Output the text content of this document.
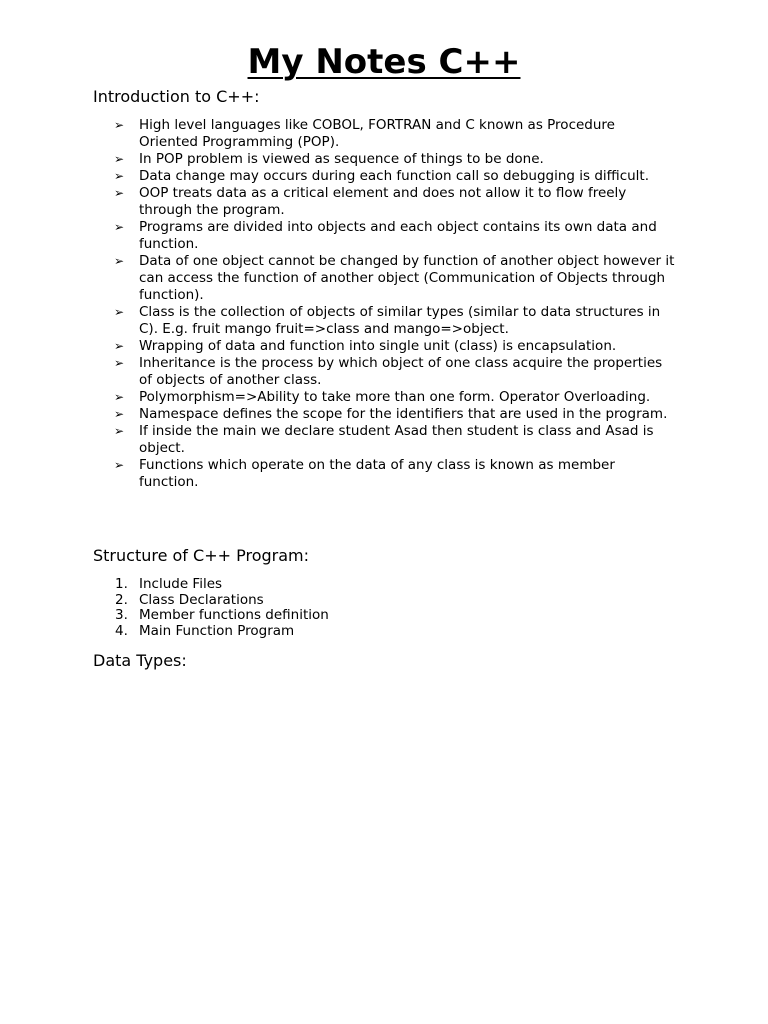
My Notes C++
Introduction to C++:
➢ High level languages like COBOL, FORTRAN and C known as Procedure Oriented Programming (POP).
➢ In POP problem is viewed as sequence of things to be done.
➢ Data change may occurs during each function call so debugging is difficult.
➢ OOP treats data as a critical element and does not allow it to flow freely through the program.
➢ Programs are divided into objects and each object contains its own data and function.
➢ Data of one object cannot be changed by function of another object however it can access the function of another object (Communication of Objects through function).
➢ Class is the collection of objects of similar types (similar to data structures in C). E.g. fruit mango fruit=>class and mango=>object.
➢ Wrapping of data and function into single unit (class) is encapsulation.
➢ Inheritance is the process by which object of one class acquire the properties of objects of another class.
➢ Polymorphism=>Ability to take more than one form. Operator Overloading.
➢ Namespace defines the scope for the identifiers that are used in the program.
➢ If inside the main we declare student Asad then student is class and Asad is object.
➢ Functions which operate on the data of any class is known as member function.
Structure of C++ Program:
1. Include Files
2. Class Declarations
3. Member functions definition
4. Main Function Program
Data Types:
